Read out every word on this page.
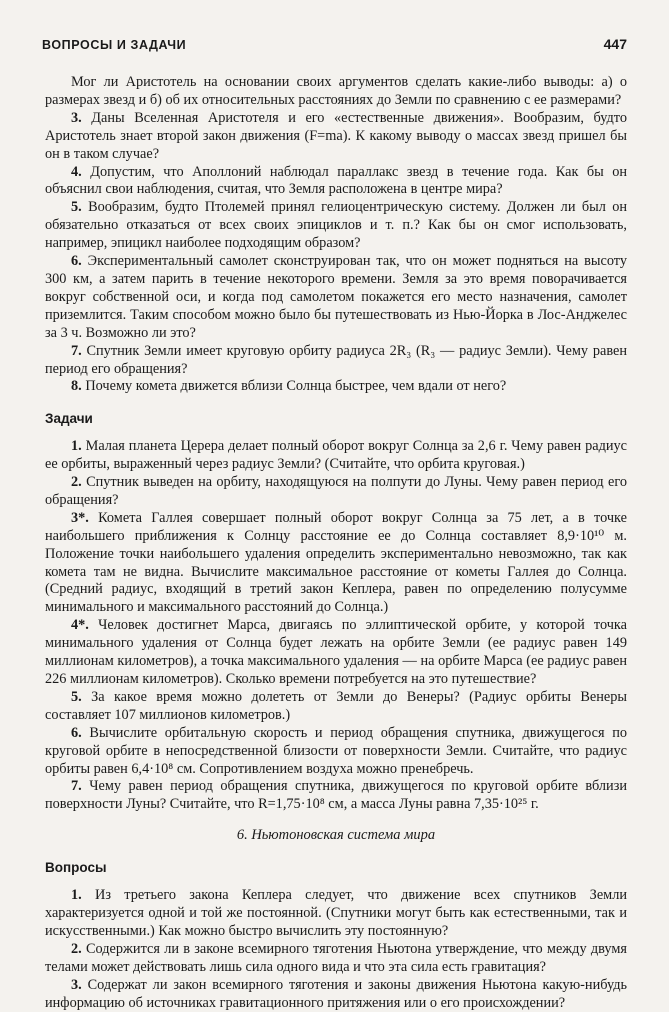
ВОПРОСЫ И ЗАДАЧИ	447

Мог ли Аристотель на основании своих аргументов сделать какие-либо выводы: а) о размерах звезд и б) об их относительных расстояниях до Земли по сравнению с ее размерами?

3. Даны Вселенная Аристотеля и его «естественные движения». Вообразим, будто Аристотель знает второй закон движения (F=ma). К какому выводу о массах звезд пришел бы он в таком случае?

4. Допустим, что Аполлоний наблюдал параллакс звезд в течение года. Как бы он объяснил свои наблюдения, считая, что Земля расположена в центре мира?

5. Вообразим, будто Птолемей принял гелиоцентрическую систему. Должен ли был он обязательно отказаться от всех своих эпициклов и т. п.? Как бы он смог использовать, например, эпицикл наиболее подходящим образом?

6. Экспериментальный самолет сконструирован так, что он может подняться на высоту 300 км, а затем парить в течение некоторого времени. Земля за это время поворачивается вокруг собственной оси, и когда под самолетом покажется его место назначения, самолет приземлится. Таким способом можно было бы путешествовать из Нью-Йорка в Лос-Анджелес за 3 ч. Возможно ли это?

7. Спутник Земли имеет круговую орбиту радиуса 2R₃ (R₃ — радиус Земли). Чему равен период его обращения?

8. Почему комета движется вблизи Солнца быстрее, чем вдали от него?

Задачи

1. Малая планета Церера делает полный оборот вокруг Солнца за 2,6 г. Чему равен радиус ее орбиты, выраженный через радиус Земли? (Считайте, что орбита круговая.)

2. Спутник выведен на орбиту, находящуюся на полпути до Луны. Чему равен период его обращения?

3*. Комета Галлея совершает полный оборот вокруг Солнца за 75 лет, а в точке наибольшего приближения к Солнцу расстояние ее до Солнца составляет 8,9·10¹⁰ м. Положение точки наибольшего удаления определить экспериментально невозможно, так как комета там не видна. Вычислите максимальное расстояние от кометы Галлея до Солнца. (Средний радиус, входящий в третий закон Кеплера, равен по определению полусумме минимального и максимального расстояний до Солнца.)

4*. Человек достигнет Марса, двигаясь по эллиптической орбите, у которой точка минимального удаления от Солнца будет лежать на орбите Земли (ее радиус равен 149 миллионам километров), а точка максимального удаления — на орбите Марса (ее радиус равен 226 миллионам километров). Сколько времени потребуется на это путешествие?

5. За какое время можно долететь от Земли до Венеры? (Радиус орбиты Венеры составляет 107 миллионов километров.)

6. Вычислите орбитальную скорость и период обращения спутника, движущегося по круговой орбите в непосредственной близости от поверхности Земли. Считайте, что радиус орбиты равен 6,4·10⁸ см. Сопротивлением воздуха можно пренебречь.

7. Чему равен период обращения спутника, движущегося по круговой орбите вблизи поверхности Луны? Считайте, что R=1,75·10⁸ см, а масса Луны равна 7,35·10²⁵ г.

6. Ньютоновская система мира
Вопросы

1. Из третьего закона Кеплера следует, что движение всех спутников Земли характеризуется одной и той же постоянной. (Спутники могут быть как естественными, так и искусственными.) Как можно быстро вычислить эту постоянную?

2. Содержится ли в законе всемирного тяготения Ньютона утверждение, что между двумя телами может действовать лишь сила одного вида и что эта сила есть гравитация?

3. Содержат ли закон всемирного тяготения и законы движения Ньютона какую-нибудь информацию об источниках гравитационного притяжения или о его происхождении?
